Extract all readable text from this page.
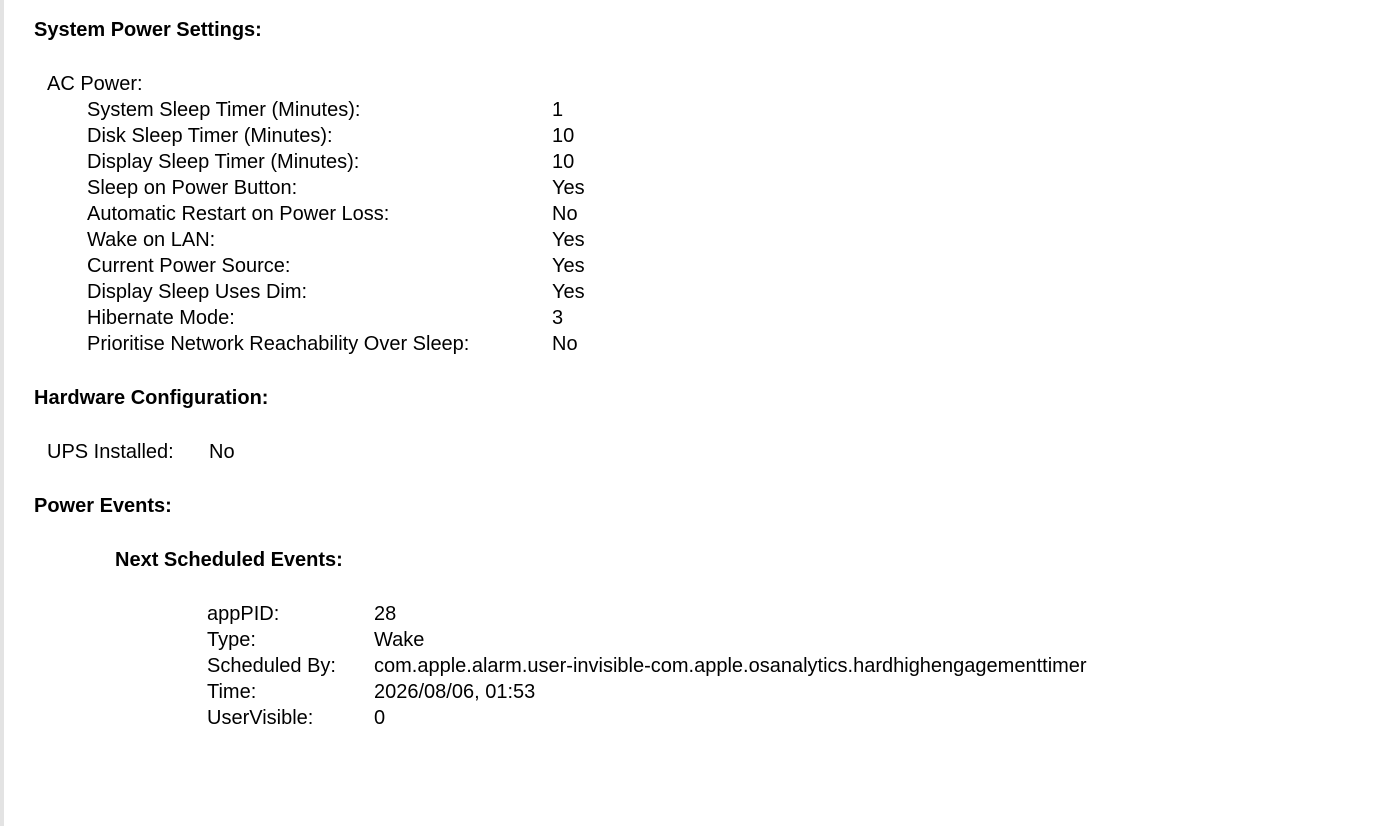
System Power Settings:
AC Power:
System Sleep Timer (Minutes):	1
Disk Sleep Timer (Minutes):	10
Display Sleep Timer (Minutes):	10
Sleep on Power Button:	Yes
Automatic Restart on Power Loss:	No
Wake on LAN:	Yes
Current Power Source:	Yes
Display Sleep Uses Dim:	Yes
Hibernate Mode:	3
Prioritise Network Reachability Over Sleep:	No
Hardware Configuration:
UPS Installed: No
Power Events:
Next Scheduled Events:
appPID:	28
Type:	Wake
Scheduled By: com.apple.alarm.user-invisible-com.apple.osanalytics.hardhighengagementtimer
Time:	2026/08/06, 01:53
UserVisible:	0
